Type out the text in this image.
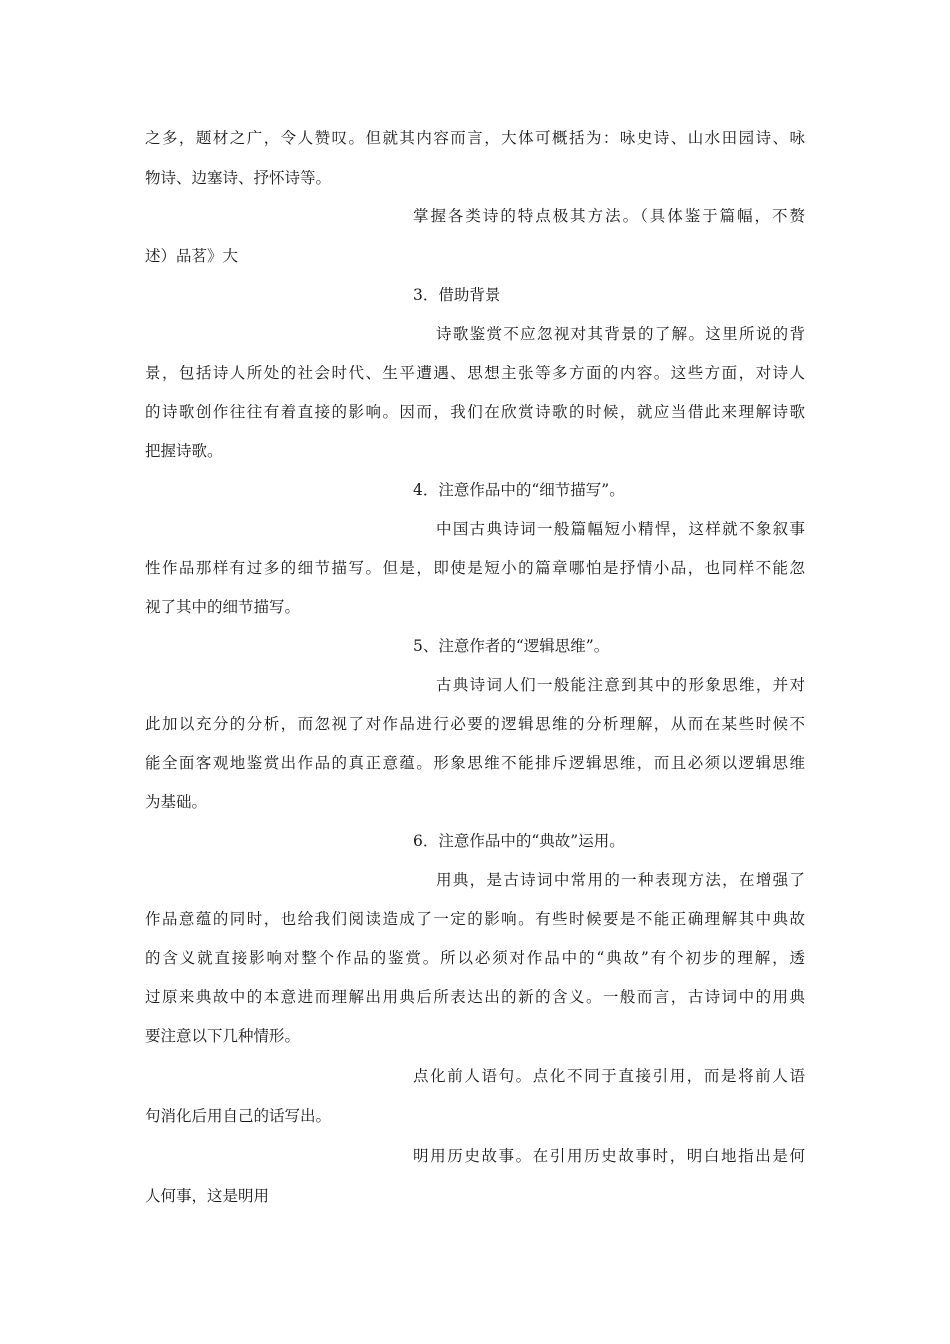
之多，题材之广，令人赞叹。但就其内容而言，大体可概括为：咏史诗、山水田园诗、咏
物诗、边塞诗、抒怀诗等。
掌握各类诗的特点极其方法。（具体鉴于篇幅，不赘
述）品茗》大
3．借助背景
诗歌鉴赏不应忽视对其背景的了解。这里所说的背
景，包括诗人所处的社会时代、生平遭遇、思想主张等多方面的内容。这些方面，对诗人
的诗歌创作往往有着直接的影响。因而，我们在欣赏诗歌的时候，就应当借此来理解诗歌
把握诗歌。
4．注意作品中的“细节描写”。
中国古典诗词一般篇幅短小精悍，这样就不象叙事
性作品那样有过多的细节描写。但是，即使是短小的篇章哪怕是抒情小品，也同样不能忽
视了其中的细节描写。
5、注意作者的“逻辑思维”。
古典诗词人们一般能注意到其中的形象思维，并对
此加以充分的分析，而忽视了对作品进行必要的逻辑思维的分析理解，从而在某些时候不
能全面客观地鉴赏出作品的真正意蕴。形象思维不能排斥逻辑思维，而且必须以逻辑思维
为基础。
6．注意作品中的“典故”运用。
用典，是古诗词中常用的一种表现方法，在增强了
作品意蕴的同时，也给我们阅读造成了一定的影响。有些时候要是不能正确理解其中典故
的含义就直接影响对整个作品的鉴赏。所以必须对作品中的“典故”有个初步的理解，透
过原来典故中的本意进而理解出用典后所表达出的新的含义。一般而言，古诗词中的用典
要注意以下几种情形。
点化前人语句。点化不同于直接引用，而是将前人语
句消化后用自己的话写出。
明用历史故事。在引用历史故事时，明白地指出是何
人何事，这是明用
